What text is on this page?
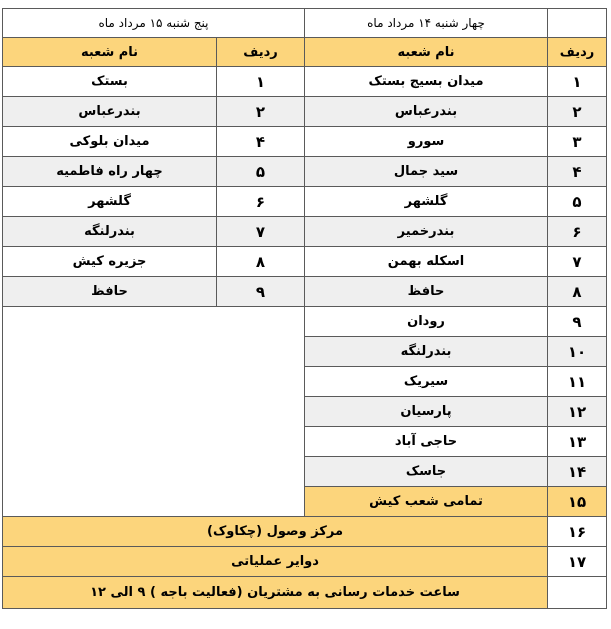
چهار شنبه ۱۴ مرداد ماه
پنج شنبه ۱۵ مرداد ماه
ردیف
نام شعبه
ردیف
نام شعبه
۱
میدان بسیج بستک
۲
بندرعباس
۳
سورو
۴
سید جمال
۵
گلشهر
۶
بندرخمیر
۷
اسکله بهمن
۸
حافظ
۹
رودان
۱۰
بندرلنگه
۱۱
سیریک
۱۲
پارسیان
۱۳
حاجی آباد
۱۴
جاسک
۱۵
تمامی شعب کیش
۱
بستک
۲
بندرعباس
۴
میدان بلوکی
۵
چهار راه فاطمیه
۶
گلشهر
۷
بندرلنگه
۸
جزیره کیش
۹
حافظ
۱۶
مرکز وصول (چکاوک)
۱۷
دوایر عملیاتی
ساعت خدمات رسانی به مشتریان (فعالیت باجه ) ۹ الی ۱۲
